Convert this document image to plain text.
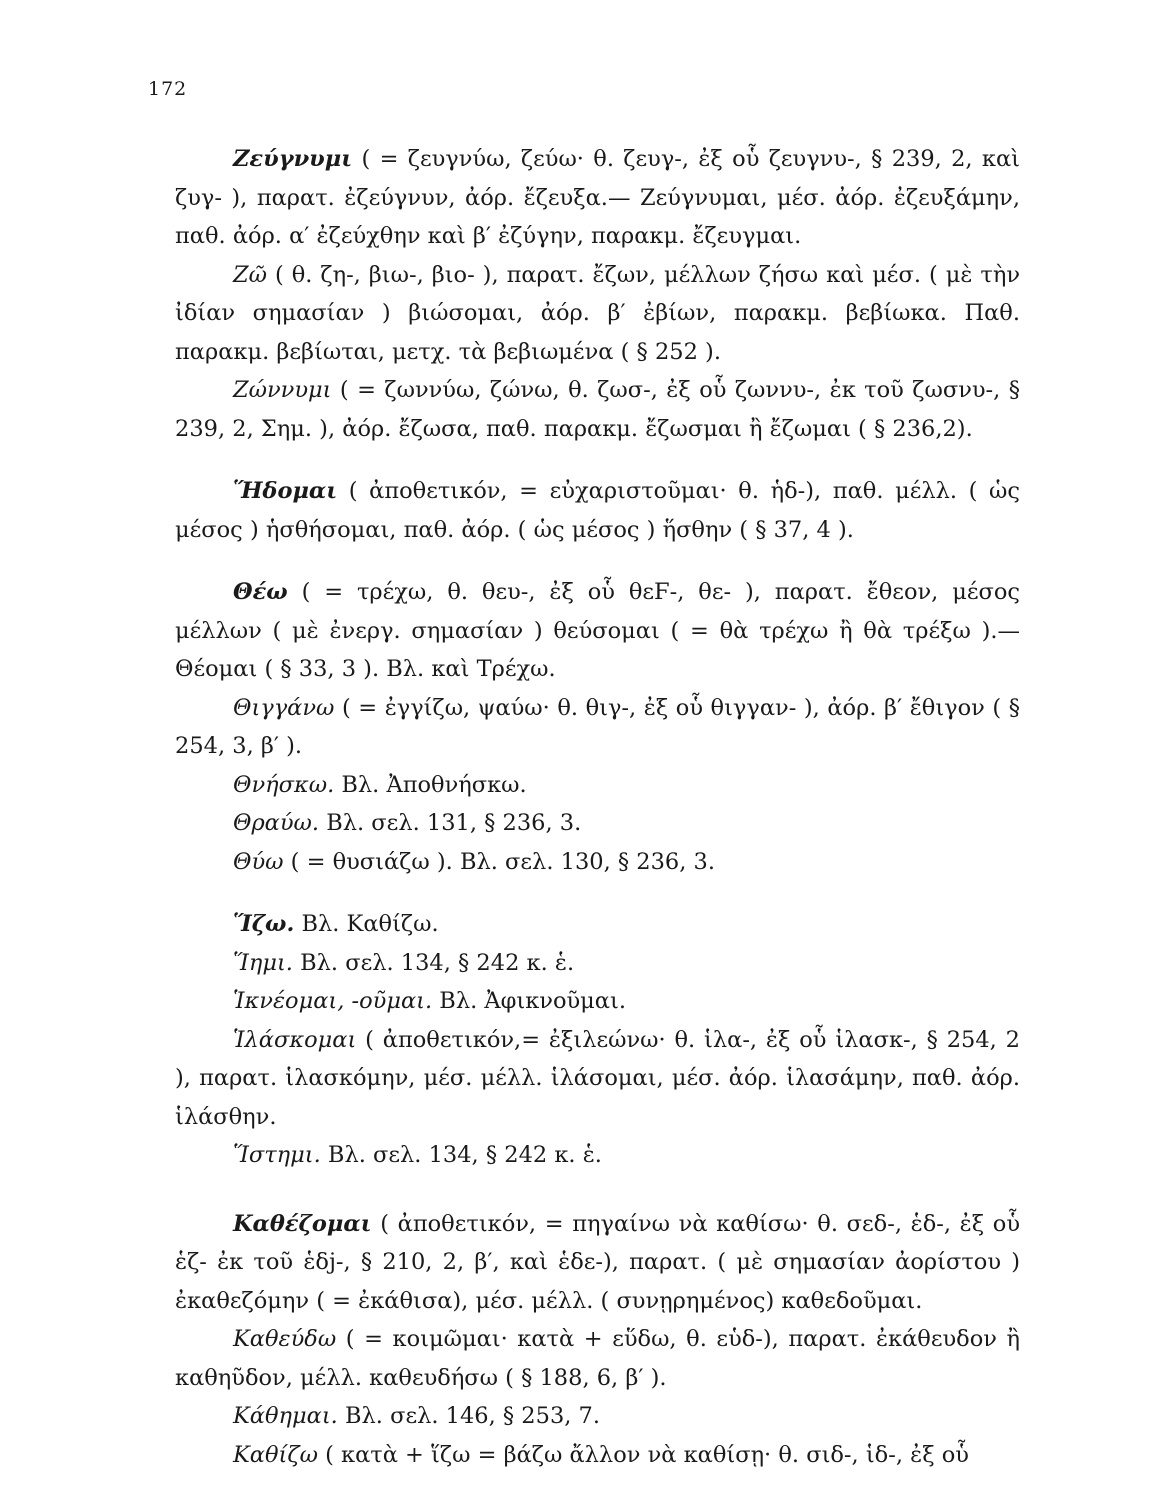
172

Ζεύγνυμι ( = ζευγνύω, ζεύω· θ. ζευγ-, ἐξ οὗ ζευγνυ-, § 239, 2, καὶ ζυγ- ), παρατ. ἐζεύγνυν, ἀόρ. ἔζευξα.— Ζεύγνυμαι, μέσ. ἀόρ. ἐζευξάμην, παθ. ἀόρ. α′ ἐζεύχθην καὶ β′ ἐζύγην, παρακμ. ἔζευγμαι.

Ζῶ ( θ. ζη-, βιω-, βιο- ), παρατ. ἔζων, μέλλων ζήσω καὶ μέσ. ( μὲ τὴν ἰδίαν σημασίαν ) βιώσομαι, ἀόρ. β′ ἐβίων, παρακμ. βεβίωκα. Παθ. παρακμ. βεβίωται, μετχ. τὰ βεβιωμένα ( § 252 ).

Ζώννυμι ( = ζωννύω, ζώνω, θ. ζωσ-, ἐξ οὗ ζωννυ-, ἐκ τοῦ ζωσνυ-, § 239, 2, Σημ. ), ἀόρ. ἔζωσα, παθ. παρακμ. ἔζωσμαι ἢ ἔζωμαι ( § 236,2).

Ἥδομαι ( ἀποθετικόν, = εὐχαριστοῦμαι· θ. ἡδ-), παθ. μέλλ. ( ὡς μέσος ) ἡσθήσομαι, παθ. ἀόρ. ( ὡς μέσος ) ἥσθην ( § 37, 4 ).

Θέω ( = τρέχω, θ. θευ-, ἐξ οὗ θεϜ-, θε- ), παρατ. ἔθεον, μέσος μέλλων ( μὲ ἐνεργ. σημασίαν ) θεύσομαι ( = θὰ τρέχω ἢ θὰ τρέξω ).— Θέομαι ( § 33, 3 ). Βλ. καὶ Τρέχω.

Θιγγάνω ( = ἐγγίζω, ψαύω· θ. θιγ-, ἐξ οὗ θιγγαν- ), ἀόρ. β′ ἔθιγον ( § 254, 3, β′ ).

Θνήσκω. Βλ. Ἀποθνήσκω.

Θραύω. Βλ. σελ. 131, § 236, 3.

Θύω ( = θυσιάζω ). Βλ. σελ. 130, § 236, 3.

Ἵζω. Βλ. Καθίζω.

Ἵημι. Βλ. σελ. 134, § 242 κ. ἑ.

Ἱκνέομαι, -οῦμαι. Βλ. Ἀφικνοῦμαι.

Ἱλάσκομαι ( ἀποθετικόν,= ἐξιλεώνω· θ. ἱλα-, ἐξ οὗ ἱλασκ-, § 254, 2 ), παρατ. ἱλασκόμην, μέσ. μέλλ. ἱλάσομαι, μέσ. ἀόρ. ἱλασάμην, παθ. ἀόρ. ἱλάσθην.

Ἵστημι. Βλ. σελ. 134, § 242 κ. ἑ.

Καθέζομαι ( ἀποθετικόν, = πηγαίνω νὰ καθίσω· θ. σεδ-, ἑδ-, ἐξ οὗ ἑζ- ἐκ τοῦ ἑδj-, § 210, 2, β′, καὶ ἑδε-), παρατ. ( μὲ σημασίαν ἀορίστου ) ἐκαθεζόμην ( = ἐκάθισα), μέσ. μέλλ. ( συνῃρημένος) καθεδοῦμαι.

Καθεύδω ( = κοιμῶμαι· κατὰ + εὕδω, θ. εὑδ-), παρατ. ἐκάθευδον ἢ καθηῦδον, μέλλ. καθευδήσω ( § 188, 6, β′ ).

Κάθημαι. Βλ. σελ. 146, § 253, 7.

Καθίζω ( κατὰ + ἵζω = βάζω ἄλλον νὰ καθίσῃ· θ. σιδ-, ἱδ-, ἐξ οὗ
